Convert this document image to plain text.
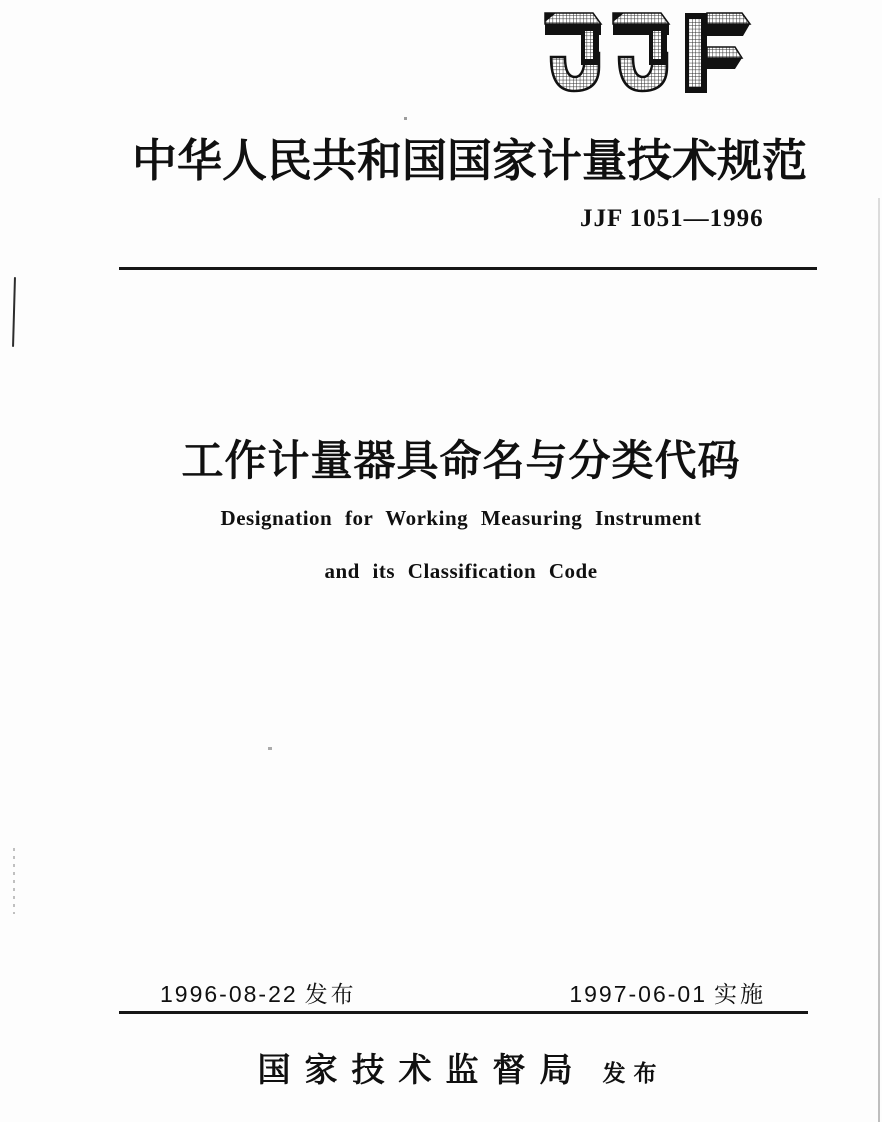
中华人民共和国国家计量技术规范
JJF 1051—1996
工作计量器具命名与分类代码
Designation for Working Measuring Instrument
and its Classification Code
1996-08-22 发布	1997-06-01 实施
国家技术监督局 发布
